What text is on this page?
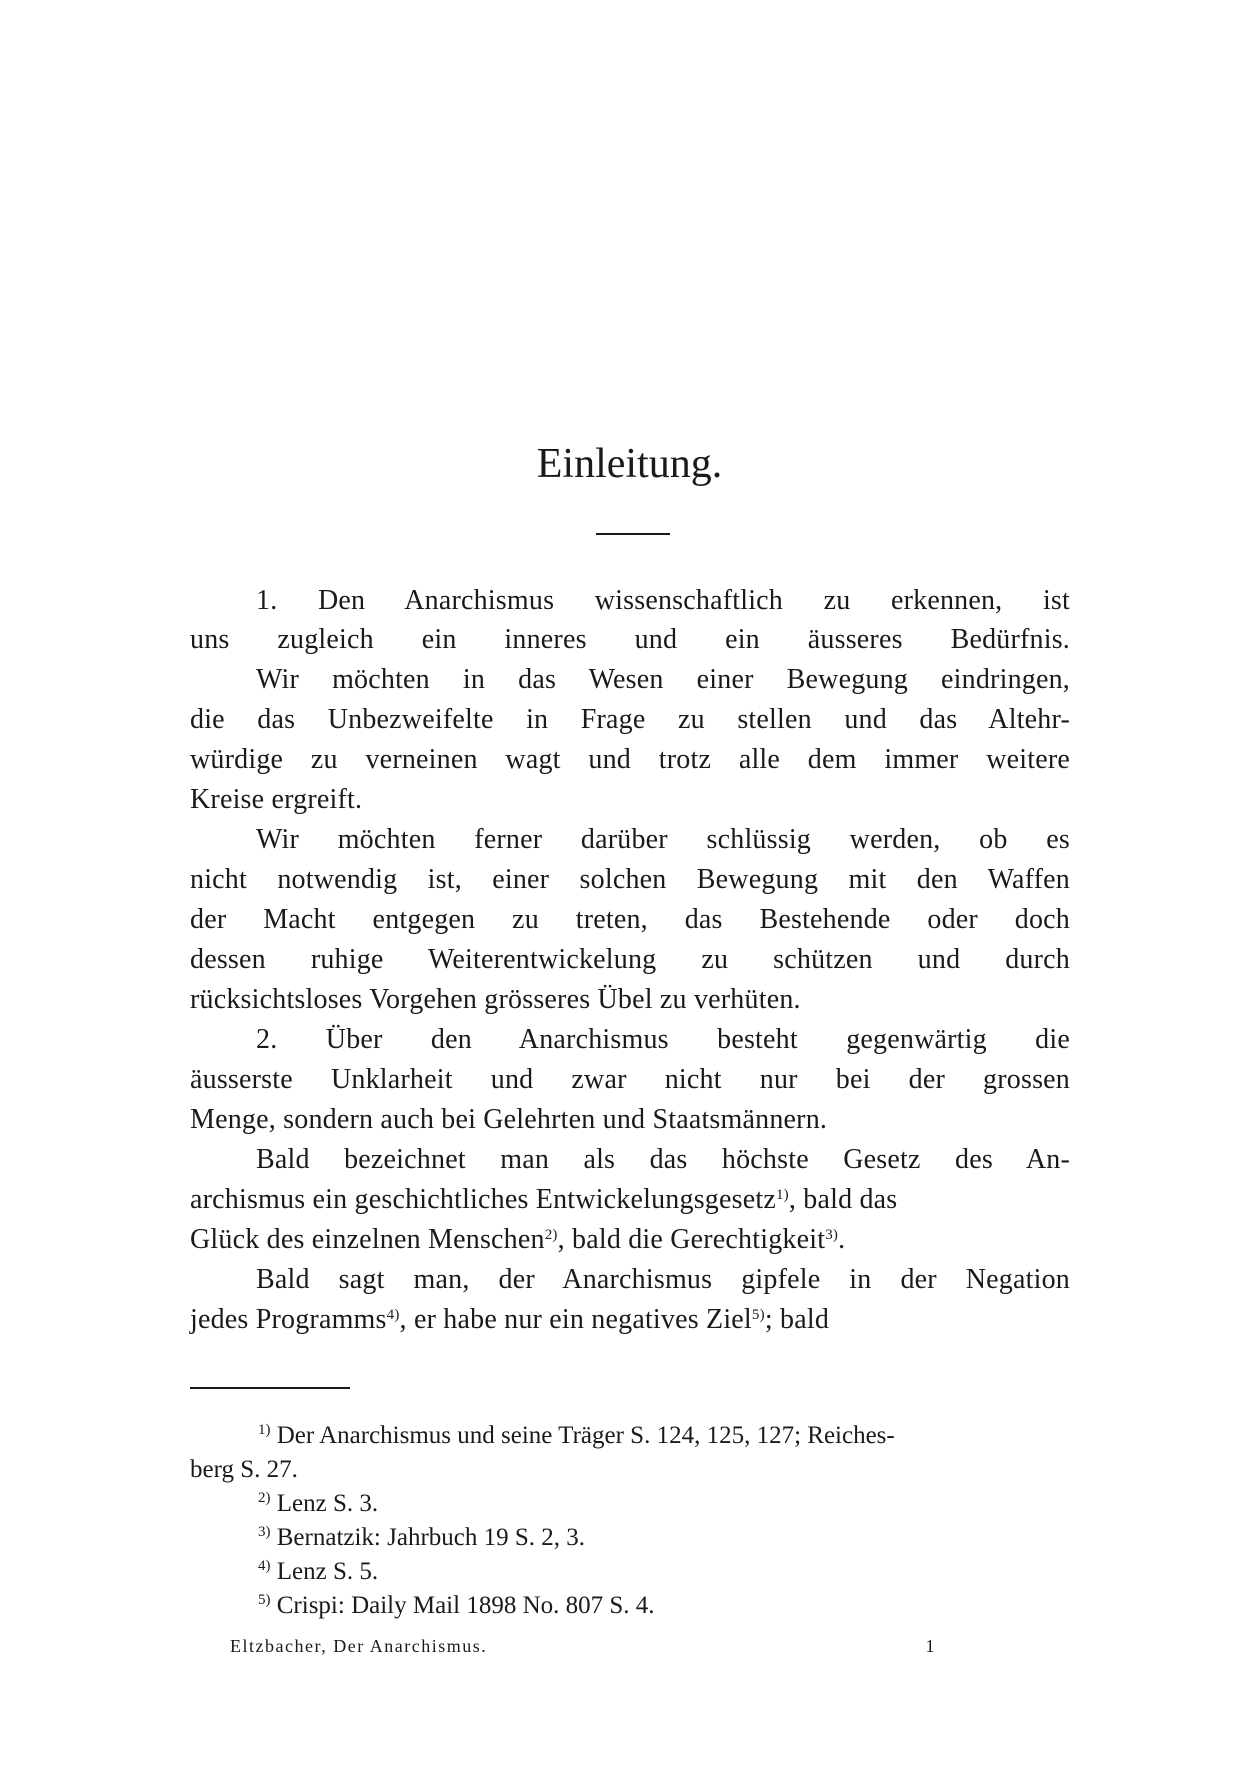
Einleitung.

1. Den Anarchismus wissenschaftlich zu erkennen, ist

uns zugleich ein inneres und ein äusseres Bedürfnis.

Wir möchten in das Wesen einer Bewegung eindringen,

die das Unbezweifelte in Frage zu stellen und das Altehr-

würdige zu verneinen wagt und trotz alle dem immer weitere

Kreise ergreift.

Wir möchten ferner darüber schlüssig werden, ob es

nicht notwendig ist, einer solchen Bewegung mit den Waffen

der Macht entgegen zu treten, das Bestehende oder doch

dessen ruhige Weiterentwickelung zu schützen und durch

rücksichtsloses Vorgehen grösseres Übel zu verhüten.

2. Über den Anarchismus besteht gegenwärtig die

äusserste Unklarheit und zwar nicht nur bei der grossen

Menge, sondern auch bei Gelehrten und Staatsmännern.

Bald bezeichnet man als das höchste Gesetz des An-

archismus ein geschichtliches Entwickelungsgesetz$^{1)}$, bald das

Glück des einzelnen Menschen$^{2)}$, bald die Gerechtigkeit$^{3)}$.

Bald sagt man, der Anarchismus gipfele in der Negation

jedes Programms$^{4)}$, er habe nur ein negatives Ziel$^{5)}$; bald

$^{1)}$ Der Anarchismus und seine Träger S. 124, 125, 127; Reiches-

berg S. 27.

$^{2)}$ Lenz S. 3.

$^{3)}$ Bernatzik: Jahrbuch 19 S. 2, 3.

$^{4)}$ Lenz S. 5.

$^{5)}$ Crispi: Daily Mail 1898 No. 807 S. 4.

Eltzbacher, Der Anarchismus.	1
